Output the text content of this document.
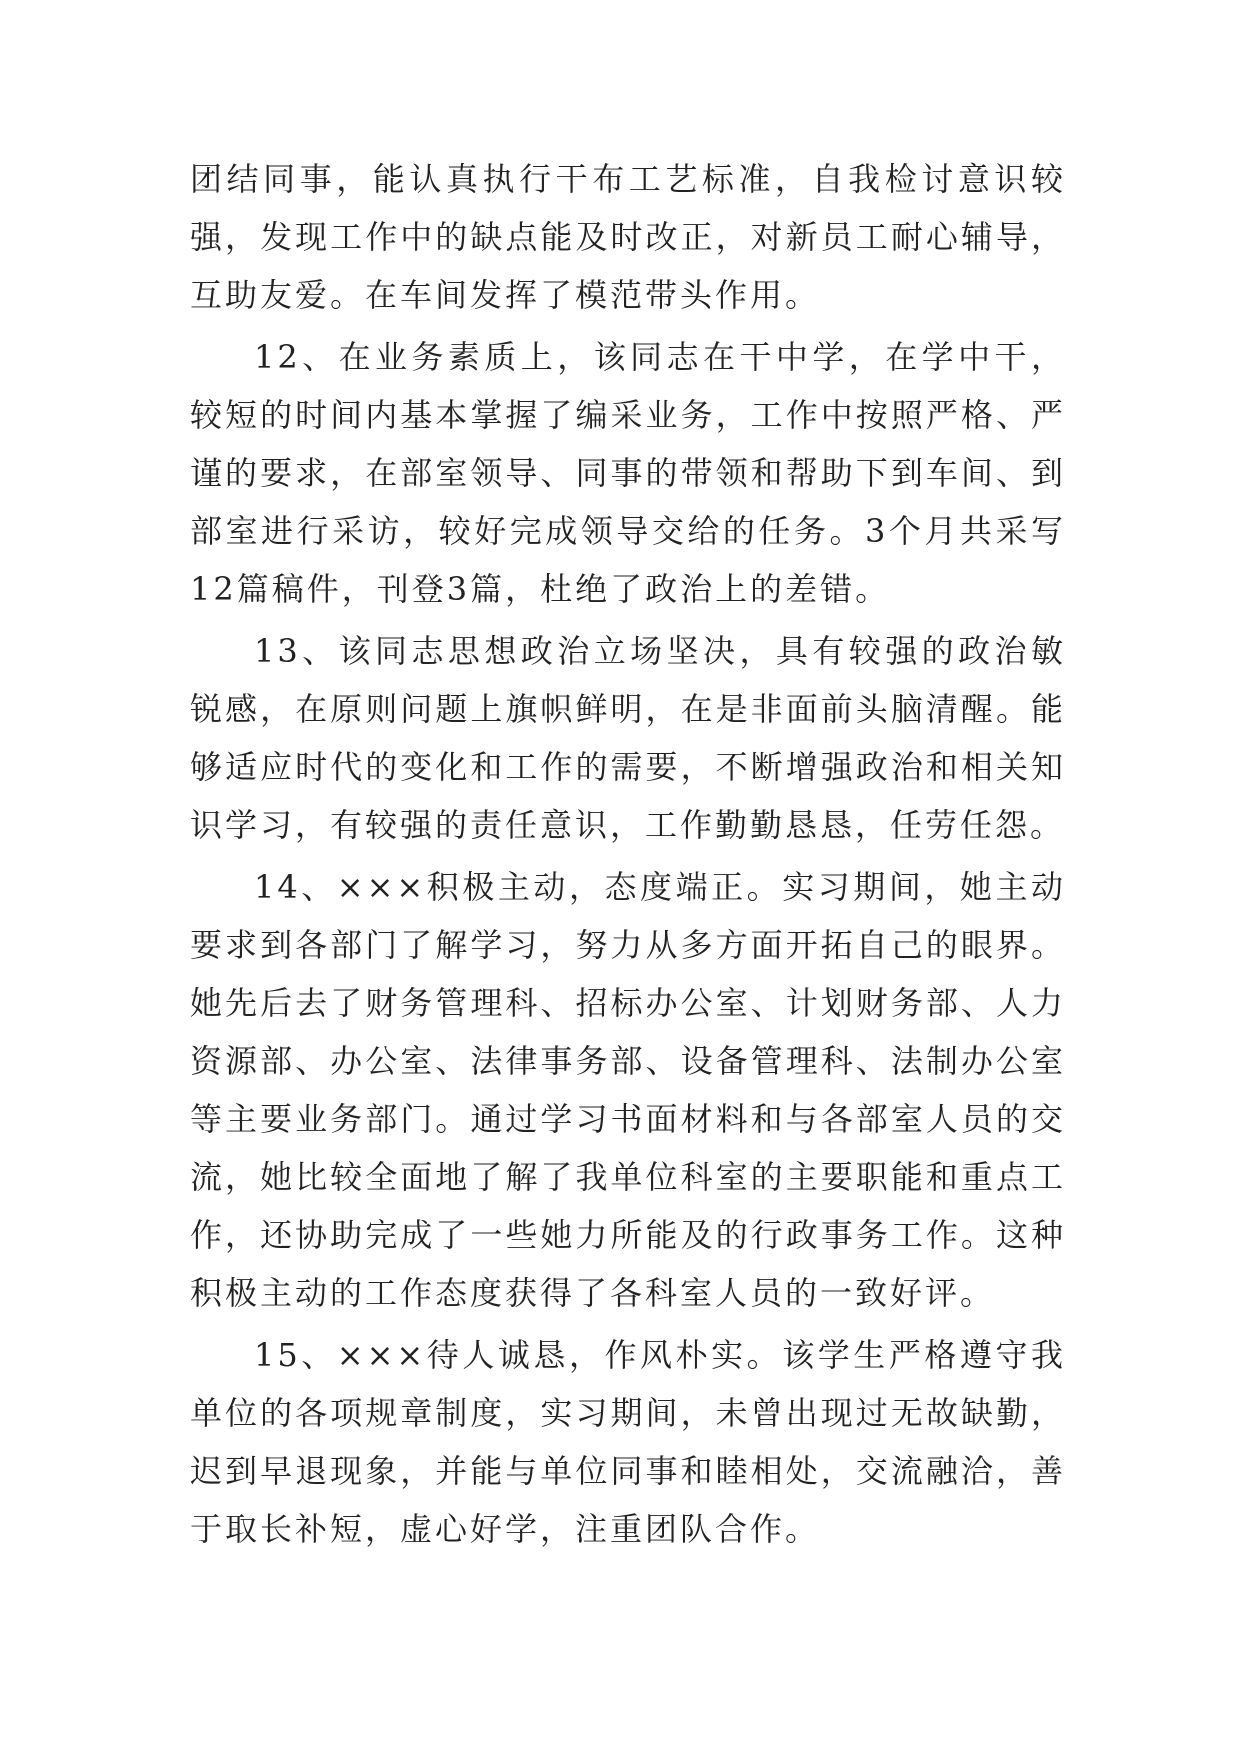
团结同事，能认真执行干布工艺标准，自我检讨意识较强，发现工作中的缺点能及时改正，对新员工耐心辅导，互助友爱。在车间发挥了模范带头作用。

12、在业务素质上，该同志在干中学，在学中干，较短的时间内基本掌握了编采业务，工作中按照严格、严谨的要求，在部室领导、同事的带领和帮助下到车间、到部室进行采访，较好完成领导交给的任务。3个月共采写12篇稿件，刊登3篇，杜绝了政治上的差错。

13、该同志思想政治立场坚决，具有较强的政治敏锐感，在原则问题上旗帜鲜明，在是非面前头脑清醒。能够适应时代的变化和工作的需要，不断增强政治和相关知识学习，有较强的责任意识，工作勤勤恳恳，任劳任怨。

14、×××积极主动，态度端正。实习期间，她主动要求到各部门了解学习，努力从多方面开拓自己的眼界。她先后去了财务管理科、招标办公室、计划财务部、人力资源部、办公室、法律事务部、设备管理科、法制办公室等主要业务部门。通过学习书面材料和与各部室人员的交流，她比较全面地了解了我单位科室的主要职能和重点工作，还协助完成了一些她力所能及的行政事务工作。这种积极主动的工作态度获得了各科室人员的一致好评。

15、×××待人诚恳，作风朴实。该学生严格遵守我单位的各项规章制度，实习期间，未曾出现过无故缺勤，迟到早退现象，并能与单位同事和睦相处，交流融洽，善于取长补短，虚心好学，注重团队合作。
